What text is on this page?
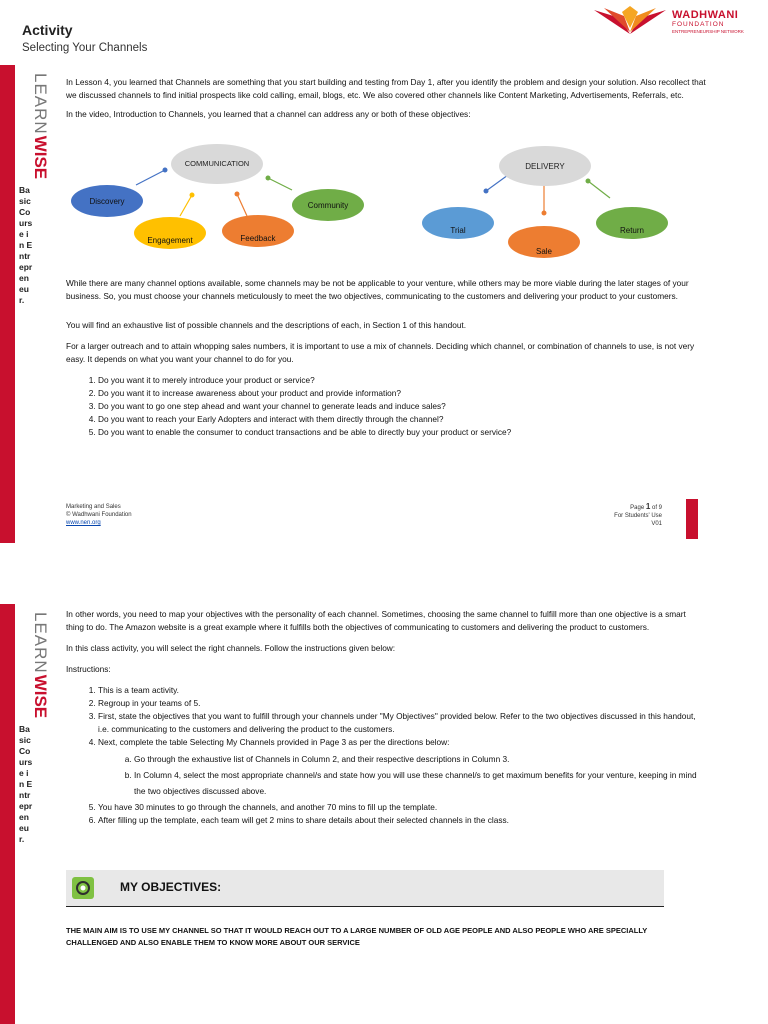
Activity
Selecting Your Channels
WADHWANI
FOUNDATION
ENTREPRENEURSHIP NETWORK
LEARN
WISE
Basic Course in Entrepreneur.

In Lesson 4, you learned that Channels are something that you start building and testing from Day 1, after you identify the problem and design your solution. Also recollect that we discussed channels to find initial prospects like cold calling, email, blogs, etc. We also covered other channels like Content Marketing, Advertisements, Referrals, etc.

In the video, Introduction to Channels, you learned that a channel can address any or both of these objectives:

COMMUNICATION
Discovery	Community
Engagement	Feedback
DELIVERY
Trial	Return
Sale

While there are many channel options available, some channels may be not be applicable to your venture, while others may be more viable during the later stages of your business. So, you must choose your channels meticulously to meet the two objectives, communicating to the customers and delivering your product to your customers.

You will find an exhaustive list of possible channels and the descriptions of each, in Section 1 of this handout.

For a larger outreach and to attain whopping sales numbers, it is important to use a mix of channels. Deciding which channel, or combination of channels to use, is not very easy. It depends on what you want your channel to do for you.

1. Do you want it to merely introduce your product or service?
2. Do you want it to increase awareness about your product and provide information?
3. Do you want to go one step ahead and want your channel to generate leads and induce sales?
4. Do you want to reach your Early Adopters and interact with them directly through the channel?
5. Do you want to enable the consumer to conduct transactions and be able to directly buy your product or service?
Marketing and Sales
© Wadhwani Foundation
www.nen.org
Page 1 of 9
For Students' Use
V01
LEARN
WISE
Basic Course in Entrepreneur.

In other words, you need to map your objectives with the personality of each channel. Sometimes, choosing the same channel to fulfill more than one objective is a smart thing to do. The Amazon website is a great example where it fulfills both the objectives of communicating to customers and delivering the product to customers.

In this class activity, you will select the right channels. Follow the instructions given below:

Instructions:

1. This is a team activity.
2. Regroup in your teams of 5.
3. First, state the objectives that you want to fulfill through your channels under "My Objectives" provided below. Refer to the two objectives discussed in this handout, i.e. communicating to the customers and delivering the product to the customers.
4. Next, complete the table Selecting My Channels provided in Page 3 as per the directions below:
a. Go through the exhaustive list of Channels in Column 2, and their respective descriptions in Column 3.
b. In Column 4, select the most appropriate channel/s and state how you will use these channel/s to get maximum benefits for your venture, keeping in mind the two objectives discussed above.
5. You have 30 minutes to go through the channels, and another 70 mins to fill up the template.
6. After filling up the template, each team will get 2 mins to share details about their selected channels in the class.
MY OBJECTIVES:
THE MAIN AIM IS TO USE MY CHANNEL SO THAT IT WOULD REACH OUT TO A LARGE NUMBER OF OLD AGE PEOPLE AND ALSO PEOPLE WHO ARE SPECIALLY CHALLENGED AND ALSO ENABLE THEM TO KNOW MORE ABOUT OUR SERVICE
